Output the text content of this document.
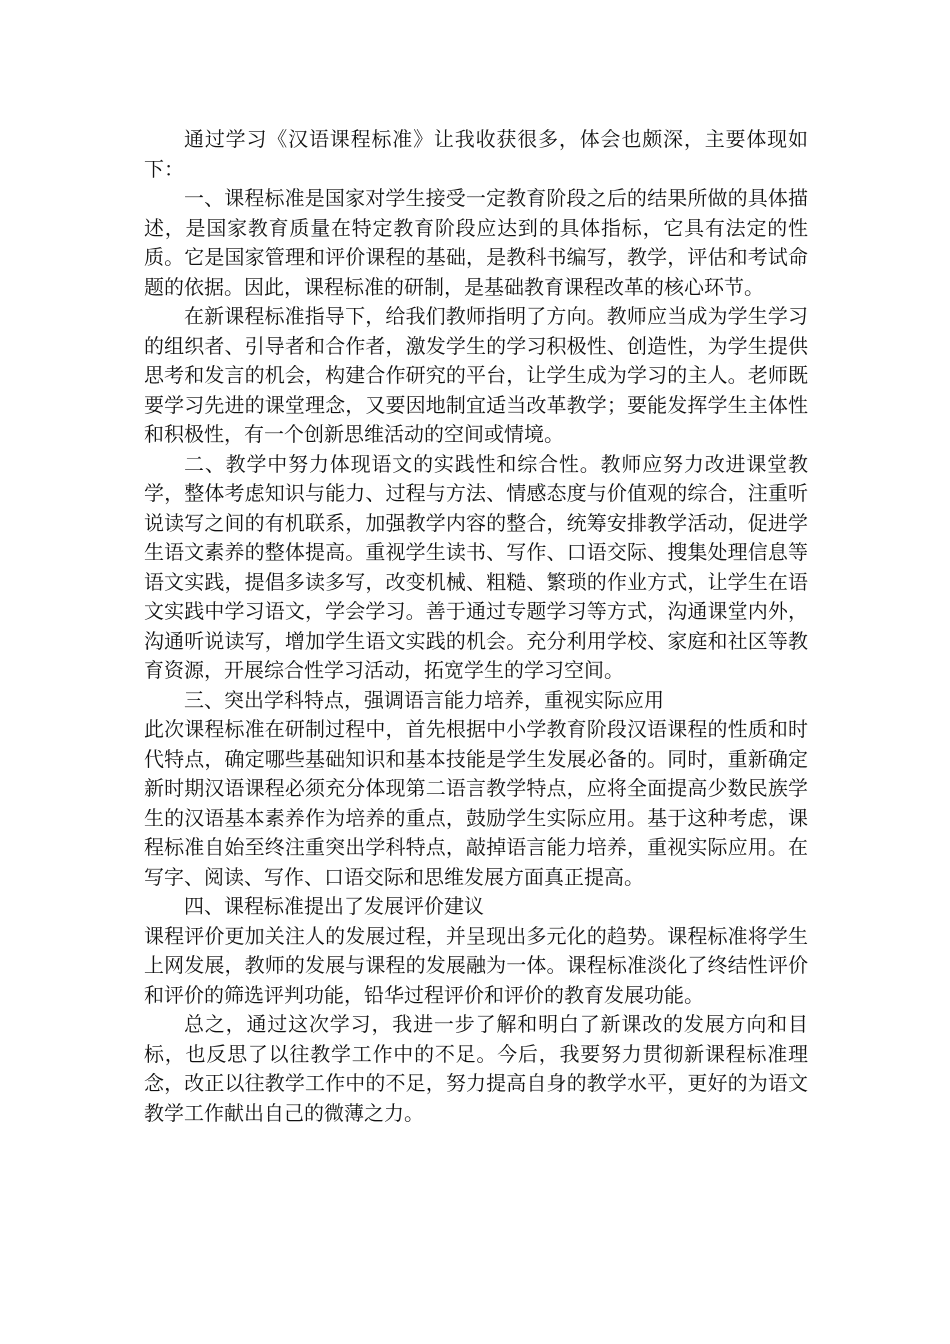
通过学习《汉语课程标准》让我收获很多，体会也颇深，主要体现如下：

一、课程标准是国家对学生接受一定教育阶段之后的结果所做的具体描述，是国家教育质量在特定教育阶段应达到的具体指标，它具有法定的性质。它是国家管理和评价课程的基础，是教科书编写，教学，评估和考试命题的依据。因此，课程标准的研制，是基础教育课程改革的核心环节。

在新课程标准指导下，给我们教师指明了方向。教师应当成为学生学习的组织者、引导者和合作者，激发学生的学习积极性、创造性，为学生提供思考和发言的机会，构建合作研究的平台，让学生成为学习的主人。老师既要学习先进的课堂理念，又要因地制宜适当改革教学；要能发挥学生主体性和积极性，有一个创新思维活动的空间或情境。

二、教学中努力体现语文的实践性和综合性。教师应努力改进课堂教学，整体考虑知识与能力、过程与方法、情感态度与价值观的综合，注重听说读写之间的有机联系，加强教学内容的整合，统筹安排教学活动，促进学生语文素养的整体提高。重视学生读书、写作、口语交际、搜集处理信息等语文实践，提倡多读多写，改变机械、粗糙、繁琐的作业方式，让学生在语文实践中学习语文，学会学习。善于通过专题学习等方式，沟通课堂内外，沟通听说读写，增加学生语文实践的机会。充分利用学校、家庭和社区等教育资源，开展综合性学习活动，拓宽学生的学习空间。

三、突出学科特点，强调语言能力培养，重视实际应用

此次课程标准在研制过程中，首先根据中小学教育阶段汉语课程的性质和时代特点，确定哪些基础知识和基本技能是学生发展必备的。同时，重新确定新时期汉语课程必须充分体现第二语言教学特点，应将全面提高少数民族学生的汉语基本素养作为培养的重点，鼓励学生实际应用。基于这种考虑，课程标准自始至终注重突出学科特点，敲掉语言能力培养，重视实际应用。在写字、阅读、写作、口语交际和思维发展方面真正提高。

四、课程标准提出了发展评价建议

课程评价更加关注人的发展过程，并呈现出多元化的趋势。课程标准将学生上网发展，教师的发展与课程的发展融为一体。课程标准淡化了终结性评价和评价的筛选评判功能，铅华过程评价和评价的教育发展功能。

总之，通过这次学习，我进一步了解和明白了新课改的发展方向和目标，也反思了以往教学工作中的不足。今后，我要努力贯彻新课程标准理念，改正以往教学工作中的不足，努力提高自身的教学水平，更好的为语文教学工作献出自己的微薄之力。
